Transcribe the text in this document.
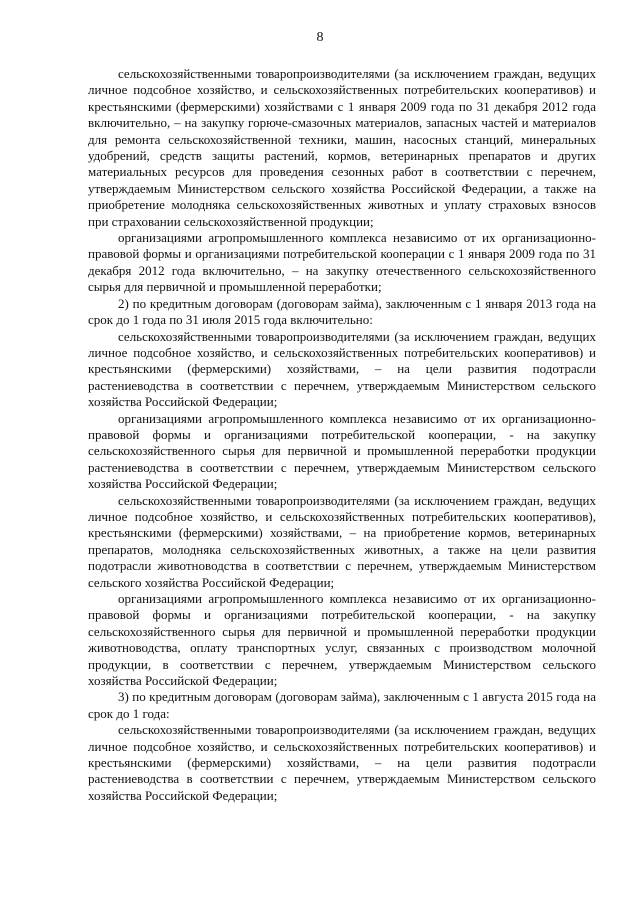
8

сельскохозяйственными товаропроизводителями (за исключением граждан, ведущих личное подсобное хозяйство, и сельскохозяйственных потребительских кооперативов) и крестьянскими (фермерскими) хозяйствами с 1 января 2009 года по 31 декабря 2012 года включительно, – на закупку горюче-смазочных материалов, запасных частей и материалов для ремонта сельскохозяйственной техники, машин, насосных станций, минеральных удобрений, средств защиты растений, кормов, ветеринарных препаратов и других материальных ресурсов для проведения сезонных работ в соответствии с перечнем, утверждаемым Министерством сельского хозяйства Российской Федерации, а также на приобретение молодняка сельскохозяйственных животных и уплату страховых взносов при страховании сельскохозяйственной продукции;

организациями агропромышленного комплекса независимо от их организационно-правовой формы и организациями потребительской кооперации с 1 января 2009 года по 31 декабря 2012 года включительно, – на закупку отечественного сельскохозяйственного сырья для первичной и промышленной переработки;

2) по кредитным договорам (договорам займа), заключенным с 1 января 2013 года на срок до 1 года по 31 июля 2015 года включительно:

сельскохозяйственными товаропроизводителями (за исключением граждан, ведущих личное подсобное хозяйство, и сельскохозяйственных потребительских кооперативов) и крестьянскими (фермерскими) хозяйствами, – на цели развития подотрасли растениеводства в соответствии с перечнем, утверждаемым Министерством сельского хозяйства Российской Федерации;

организациями агропромышленного комплекса независимо от их организационно-правовой формы и организациями потребительской кооперации, - на закупку сельскохозяйственного сырья для первичной и промышленной переработки продукции растениеводства в соответствии с перечнем, утверждаемым Министерством сельского хозяйства Российской Федерации;

сельскохозяйственными товаропроизводителями (за исключением граждан, ведущих личное подсобное хозяйство, и сельскохозяйственных потребительских кооперативов), крестьянскими (фермерскими) хозяйствами, – на приобретение кормов, ветеринарных препаратов, молодняка сельскохозяйственных животных, а также на цели развития подотрасли животноводства в соответствии с перечнем, утверждаемым Министерством сельского хозяйства Российской Федерации;

организациями агропромышленного комплекса независимо от их организационно-правовой формы и организациями потребительской кооперации, - на закупку сельскохозяйственного сырья для первичной и промышленной переработки продукции животноводства, оплату транспортных услуг, связанных с производством молочной продукции, в соответствии с перечнем, утверждаемым Министерством сельского хозяйства Российской Федерации;

3) по кредитным договорам (договорам займа), заключенным с 1 августа 2015 года на срок до 1 года:

сельскохозяйственными товаропроизводителями (за исключением граждан, ведущих личное подсобное хозяйство, и сельскохозяйственных потребительских кооперативов) и крестьянскими (фермерскими) хозяйствами, – на цели развития подотрасли растениеводства в соответствии с перечнем, утверждаемым Министерством сельского хозяйства Российской Федерации;
